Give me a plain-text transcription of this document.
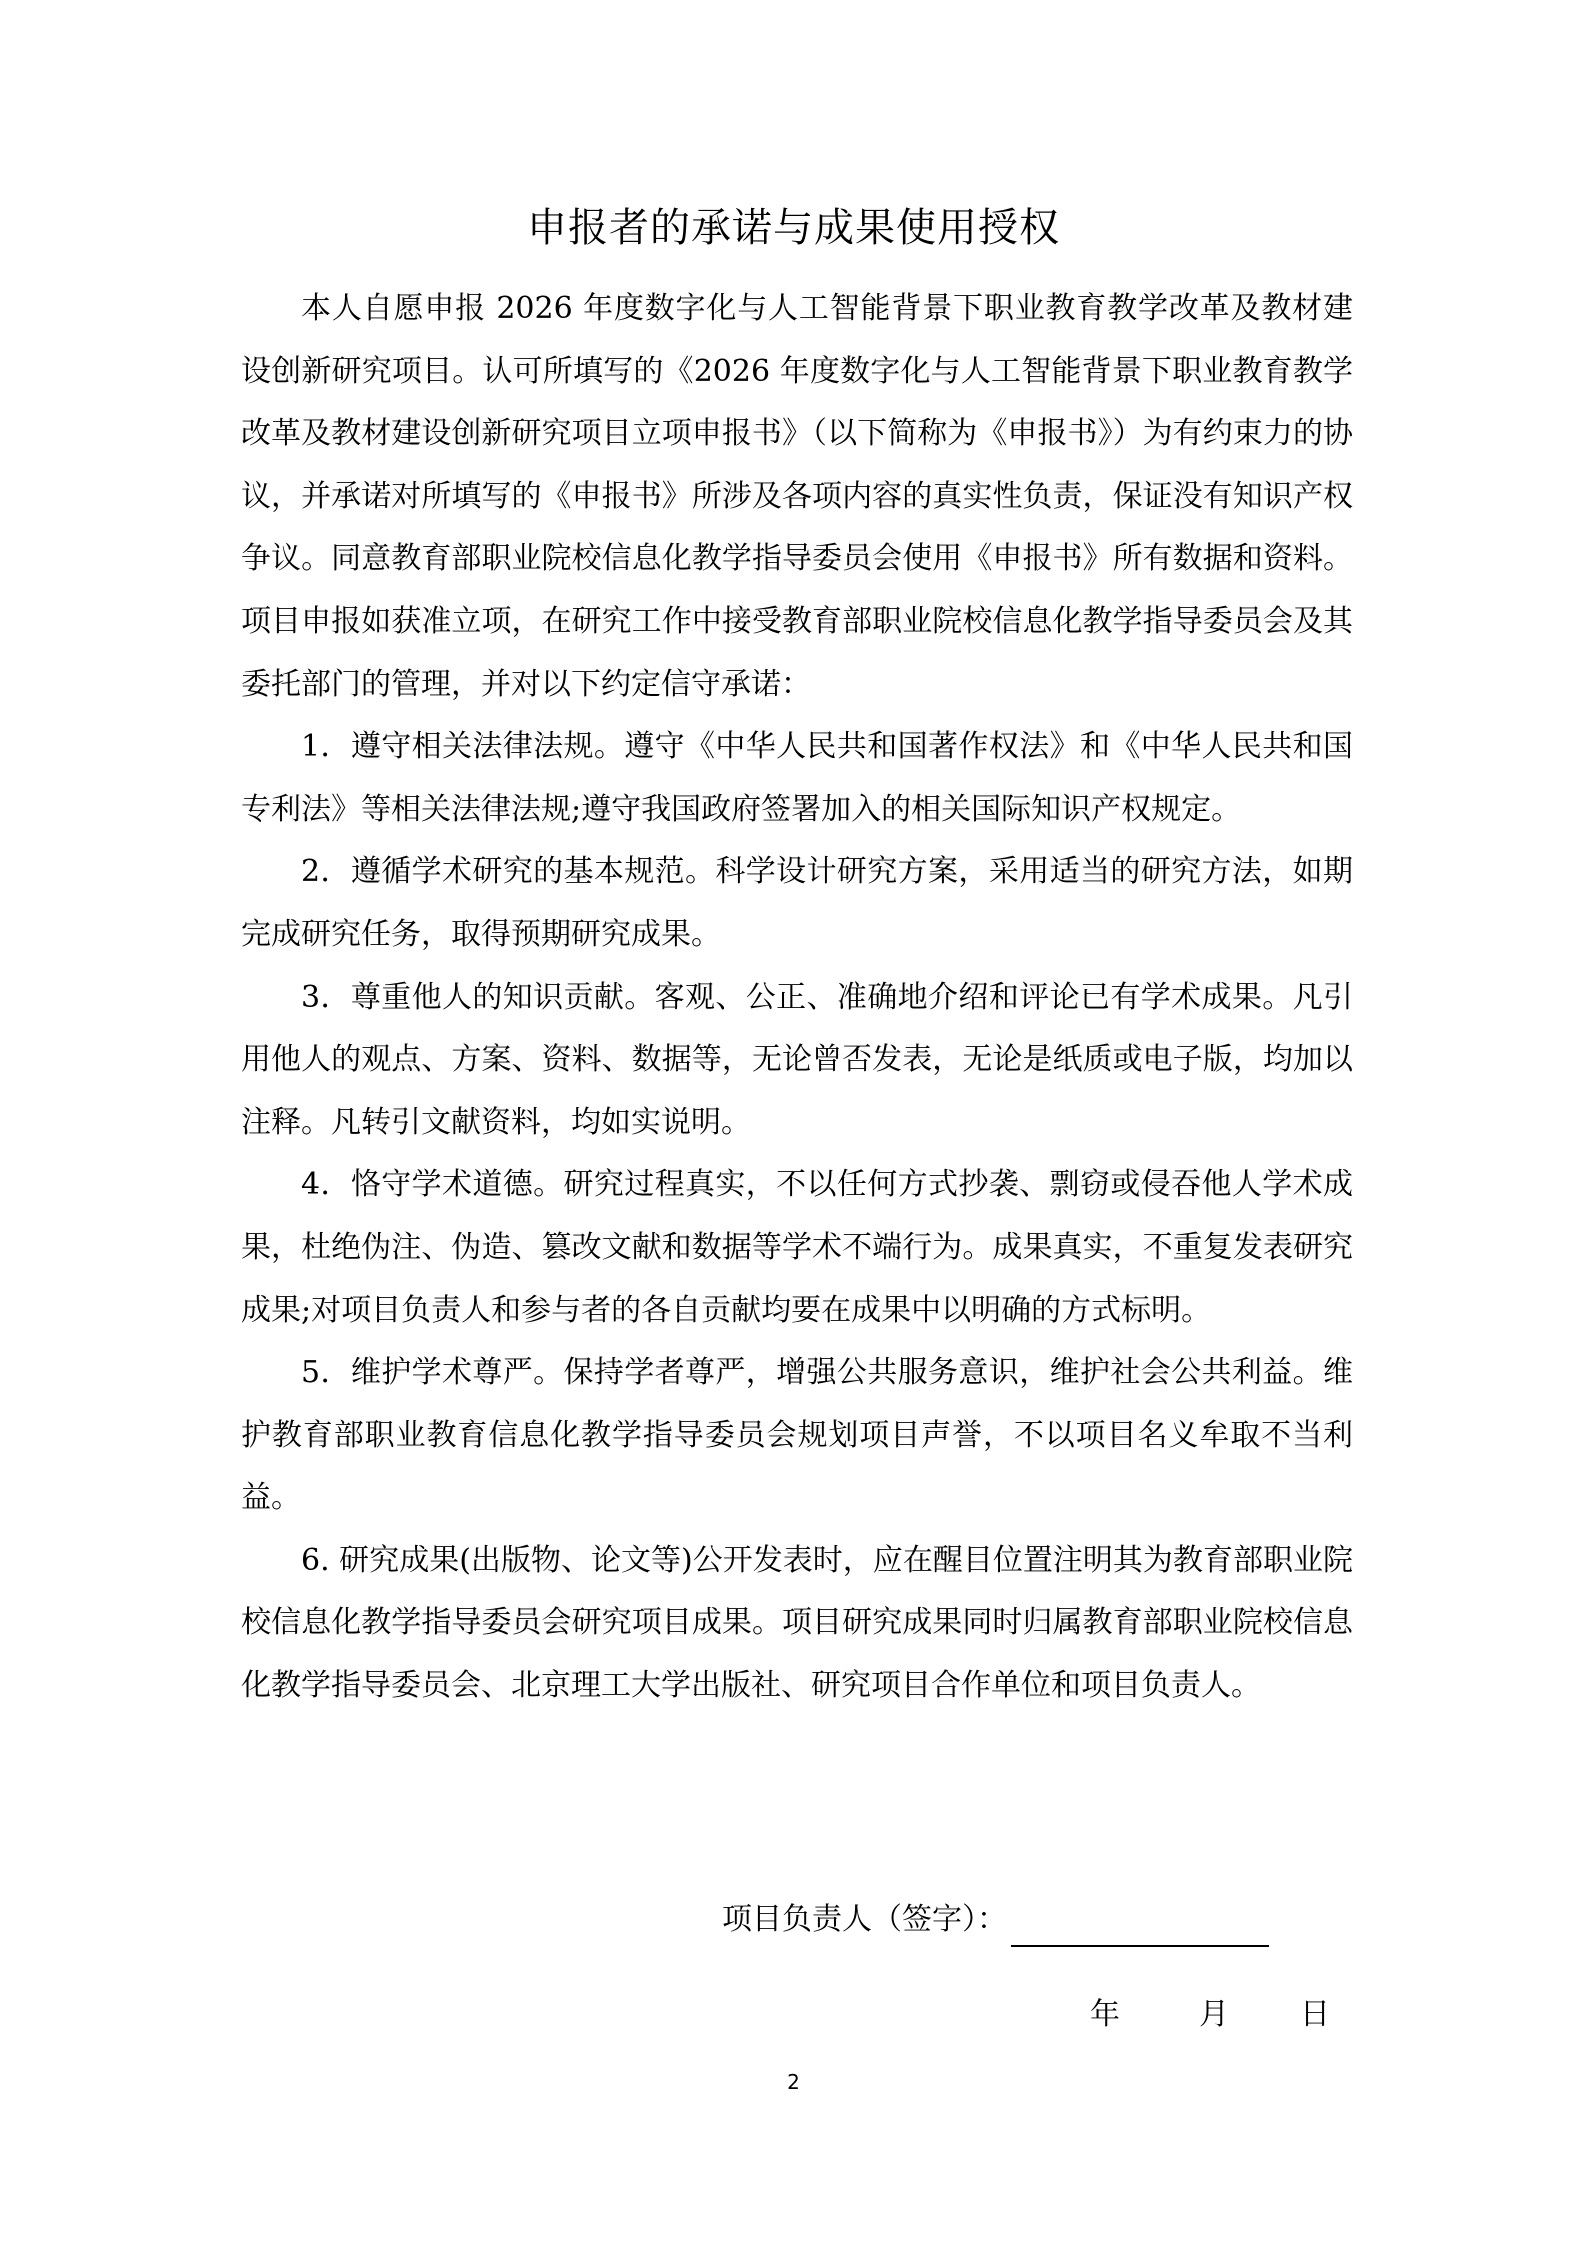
申报者的承诺与成果使用授权

本人自愿申报 2026 年度数字化与人工智能背景下职业教育教学改革及教材建设创新研究项目。认可所填写的《2026 年度数字化与人工智能背景下职业教育教学改革及教材建设创新研究项目立项申报书》（以下简称为《申报书》）为有约束力的协议，并承诺对所填写的《申报书》所涉及各项内容的真实性负责，保证没有知识产权争议。同意教育部职业院校信息化教学指导委员会使用《申报书》所有数据和资料。项目申报如获准立项，在研究工作中接受教育部职业院校信息化教学指导委员会及其委托部门的管理，并对以下约定信守承诺：

1．遵守相关法律法规。遵守《中华人民共和国著作权法》和《中华人民共和国专利法》等相关法律法规;遵守我国政府签署加入的相关国际知识产权规定。

2．遵循学术研究的基本规范。科学设计研究方案，采用适当的研究方法，如期完成研究任务，取得预期研究成果。

3．尊重他人的知识贡献。客观、公正、准确地介绍和评论已有学术成果。凡引用他人的观点、方案、资料、数据等，无论曾否发表，无论是纸质或电子版，均加以注释。凡转引文献资料，均如实说明。

4．恪守学术道德。研究过程真实，不以任何方式抄袭、剽窃或侵吞他人学术成果，杜绝伪注、伪造、篡改文献和数据等学术不端行为。成果真实，不重复发表研究成果;对项目负责人和参与者的各自贡献均要在成果中以明确的方式标明。

5．维护学术尊严。保持学者尊严，增强公共服务意识，维护社会公共利益。维护教育部职业教育信息化教学指导委员会规划项目声誉，不以项目名义牟取不当利益。

6. 研究成果(出版物、论文等)公开发表时，应在醒目位置注明其为教育部职业院校信息化教学指导委员会研究项目成果。项目研究成果同时归属教育部职业院校信息化教学指导委员会、北京理工大学出版社、研究项目合作单位和项目负责人。

项目负责人（签字）：
年	月 日
2
